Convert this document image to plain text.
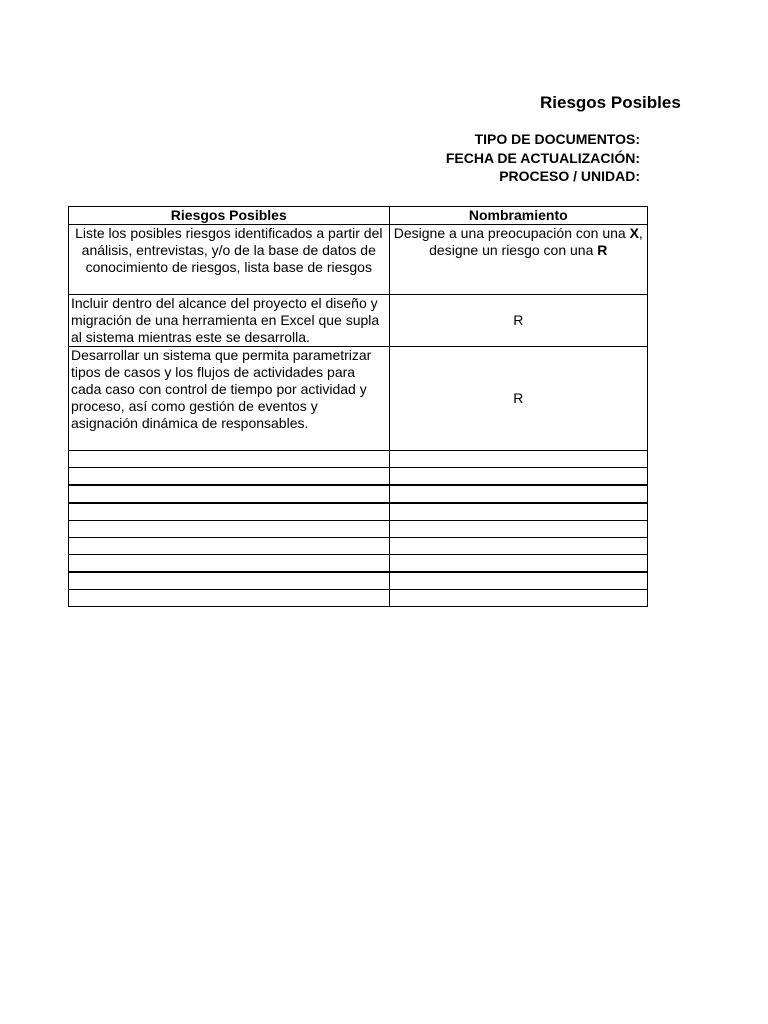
Riesgos Posibles
TIPO DE DOCUMENTOS:
FECHA DE ACTUALIZACIÓN:
PROCESO / UNIDAD:
Riesgos Posibles	Nombramiento
Liste los posibles riesgos identificados a partir del análisis, entrevistas, y/o de la base de datos de conocimiento de riesgos, lista base de riesgos	Designe a una preocupación con una X, designe un riesgo con una R
Incluir dentro del alcance del proyecto el diseño y migración de una herramienta en Excel que supla al sistema mientras este se desarrolla.	R
Desarrollar un sistema que permita parametrizar tipos de casos y los flujos de actividades para cada caso con control de tiempo por actividad y proceso, así como gestión de eventos y asignación dinámica de responsables.	R
